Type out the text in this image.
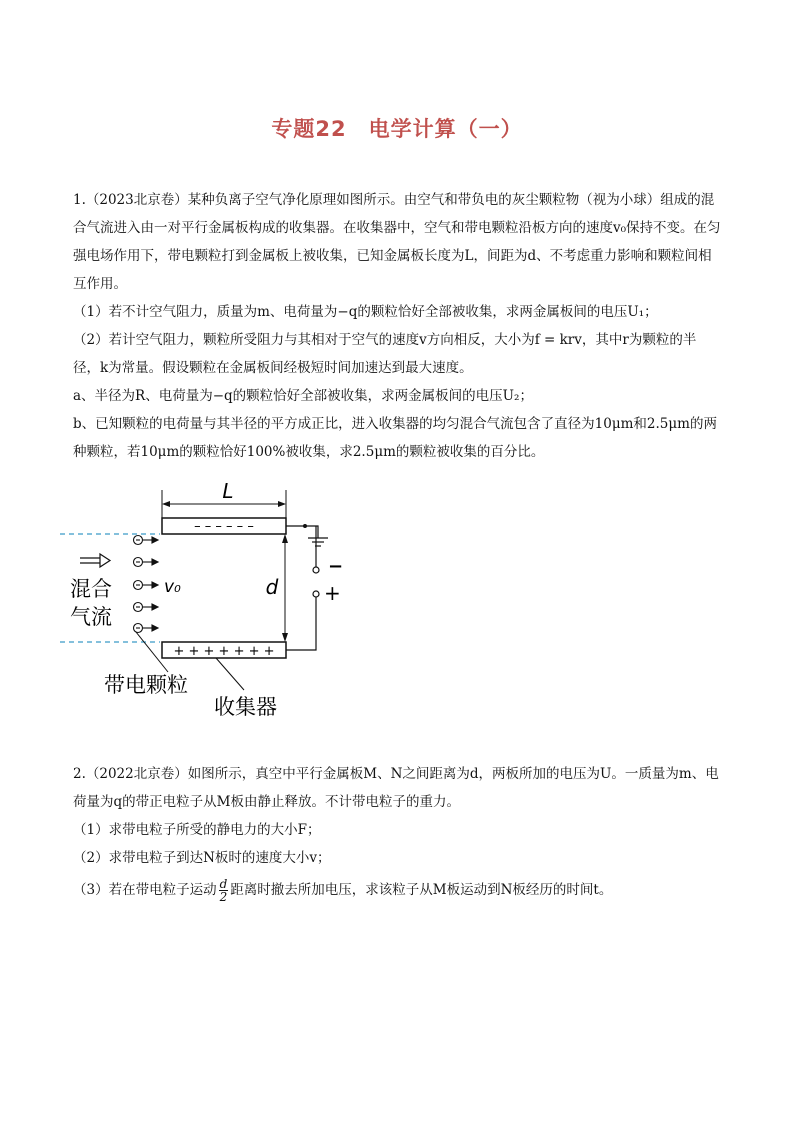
专题22　电学计算（一）

1.（2023北京卷）某种负离子空气净化原理如图所示。由空气和带负电的灰尘颗粒物（视为小球）组成的混合气流进入由一对平行金属板构成的收集器。在收集器中，空气和带电颗粒沿板方向的速度v₀保持不变。在匀强电场作用下，带电颗粒打到金属板上被收集，已知金属板长度为L，间距为d、不考虑重力影响和颗粒间相互作用。

（1）若不计空气阻力，质量为m、电荷量为−q的颗粒恰好全部被收集，求两金属板间的电压U₁；

（2）若计空气阻力，颗粒所受阻力与其相对于空气的速度v方向相反，大小为f = krv，其中r为颗粒的半径，k为常量。假设颗粒在金属板间经极短时间加速达到最大速度。

a、半径为R、电荷量为−q的颗粒恰好全部被收集，求两金属板间的电压U₂；

b、已知颗粒的电荷量与其半径的平方成正比，进入收集器的均匀混合气流包含了直径为10μm和2.5μm的两种颗粒，若10μm的颗粒恰好100%被收集，求2.5μm的颗粒被收集的百分比。

– – – – – –
+ + + + + + +
L
d
−
+
v₀
混合
气流
带电颗粒
收集器

2.（2022北京卷）如图所示，真空中平行金属板M、N之间距离为d，两板所加的电压为U。一质量为m、电荷量为q的带正电粒子从M板由静止释放。不计带电粒子的重力。

（1）求带电粒子所受的静电力的大小F；

（2）求带电粒子到达N板时的速度大小v；

（3）若在带电粒子运动 $\frac{d}{2}$ 距离时撤去所加电压，求该粒子从M板运动到N板经历的时间t。
